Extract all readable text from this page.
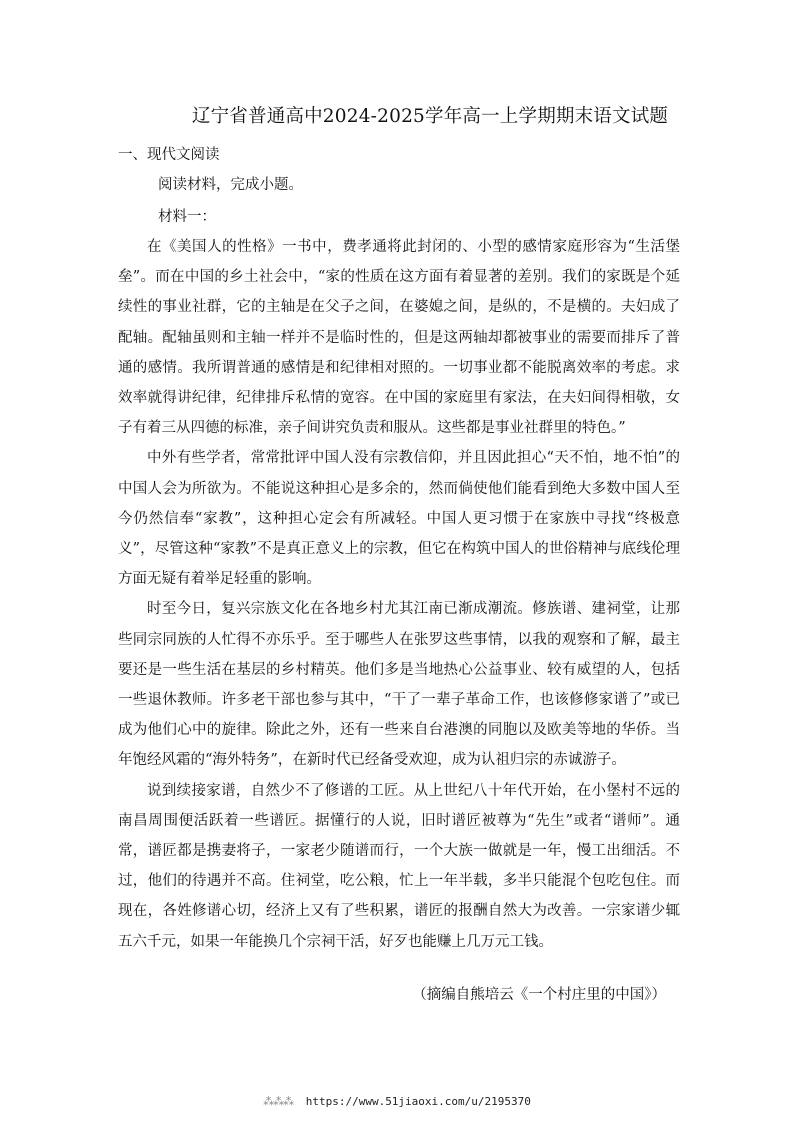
辽宁省普通高中2024-2025学年高一上学期期末语文试题
一、现代文阅读
阅读材料，完成小题。
材料一：

在《美国人的性格》一书中，费孝通将此封闭的、小型的感情家庭形容为“生活堡垒”。而在中国的乡土社会中，“家的性质在这方面有着显著的差别。我们的家既是个延续性的事业社群，它的主轴是在父子之间，在婆媳之间，是纵的，不是横的。夫妇成了配轴。配轴虽则和主轴一样并不是临时性的，但是这两轴却都被事业的需要而排斥了普通的感情。我所谓普通的感情是和纪律相对照的。一切事业都不能脱离效率的考虑。求效率就得讲纪律，纪律排斥私情的宽容。在中国的家庭里有家法，在夫妇间得相敬，女子有着三从四德的标准，亲子间讲究负责和服从。这些都是事业社群里的特色。”

中外有些学者，常常批评中国人没有宗教信仰，并且因此担心“天不怕，地不怕”的中国人会为所欲为。不能说这种担心是多余的，然而倘使他们能看到绝大多数中国人至今仍然信奉“家教”，这种担心定会有所减轻。中国人更习惯于在家族中寻找“终极意义”，尽管这种“家教”不是真正意义上的宗教，但它在构筑中国人的世俗精神与底线伦理方面无疑有着举足轻重的影响。

时至今日，复兴宗族文化在各地乡村尤其江南已渐成潮流。修族谱、建祠堂，让那些同宗同族的人忙得不亦乐乎。至于哪些人在张罗这些事情，以我的观察和了解，最主要还是一些生活在基层的乡村精英。他们多是当地热心公益事业、较有威望的人，包括一些退休教师。许多老干部也参与其中，“干了一辈子革命工作，也该修修家谱了”或已成为他们心中的旋律。除此之外，还有一些来自台港澳的同胞以及欧美等地的华侨。当年饱经风霜的“海外特务”，在新时代已经备受欢迎，成为认祖归宗的赤诚游子。

说到续接家谱，自然少不了修谱的工匠。从上世纪八十年代开始，在小堡村不远的南昌周围便活跃着一些谱匠。据懂行的人说，旧时谱匠被尊为“先生”或者“谱师”。通常，谱匠都是携妻将子，一家老少随谱而行，一个大族一做就是一年，慢工出细活。不过，他们的待遇并不高。住祠堂，吃公粮，忙上一年半载，多半只能混个包吃包住。而现在，各姓修谱心切，经济上又有了些积累，谱匠的报酬自然大为改善。一宗家谱少辄五六千元，如果一年能换几个宗祠干活，好歹也能赚上几万元工钱。

（摘编自熊培云《一个村庄里的中国》）
⁂⁂⁂ https://www.51jiaoxi.com/u/2195370
